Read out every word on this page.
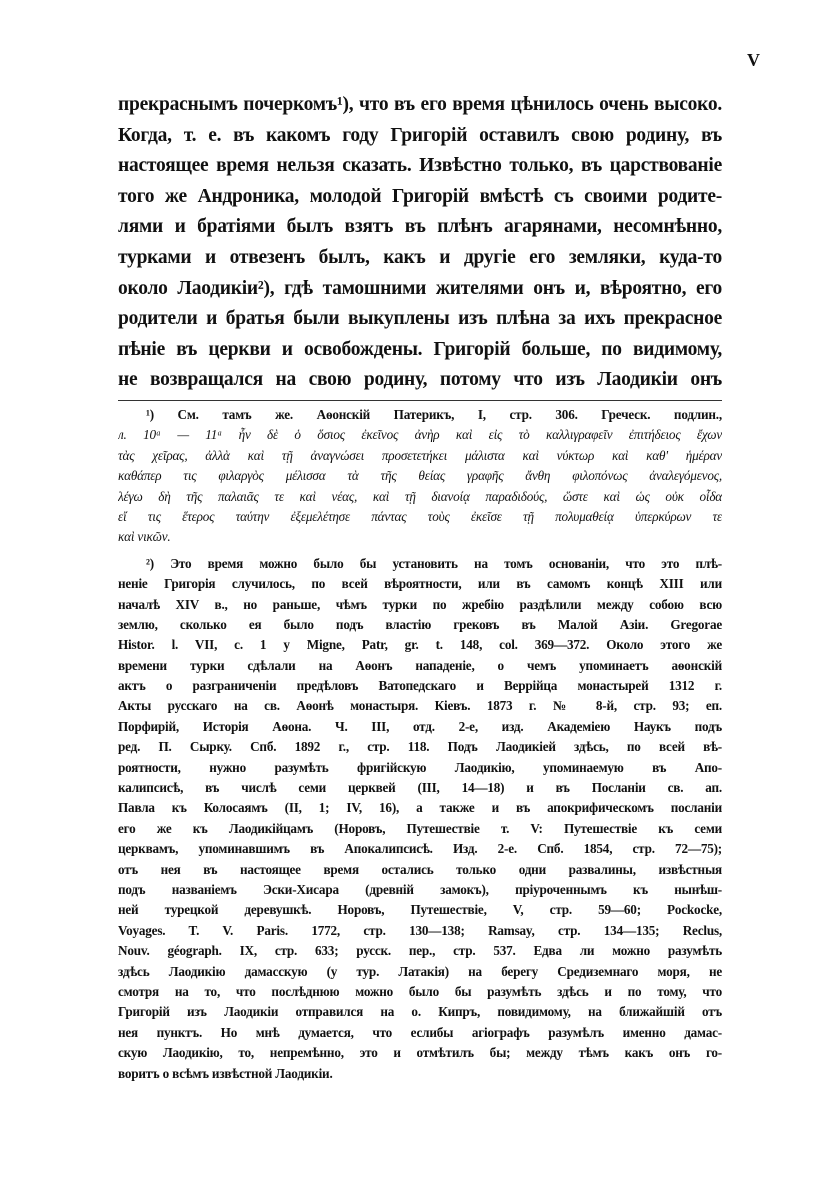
V
прекраснымъ почеркомъ¹), что въ его время цѣнилось очень высоко.
Когда, т. е. въ какомъ году Григорій оставилъ свою родину, въ
настоящее время нельзя сказать. Извѣстно только, въ царствованіе
того же Андроника, молодой Григорій вмѣстѣ съ своими родите-
лями и братіями былъ взятъ въ плѣнъ агарянами, несомнѣнно,
турками и отвезенъ былъ, какъ и другіе его земляки, куда-то
около Лаодикіи²), гдѣ тамошними жителями онъ и, вѣроятно, его
родители и братья были выкуплены изъ плѣна за ихъ прекрасное
пѣніе въ церкви и освобождены. Григорій больше, по видимому,
не возвращался на свою родину, потому что изъ Лаодикіи онъ
¹) См. тамъ же. Аѳонскій Патерикъ, I, стр. 306. Греческ. подлин.,
л. 10ᵃ — 11ᵃ ἦν δὲ ὁ ὅσιος ἐκεῖνος ἀνὴρ καὶ εἰς τὸ καλλιγραφεῖν ἐπιτήδειος ἔχων
τὰς χεῖρας, ἀλλὰ καὶ τῇ ἀναγνώσει προσετετήκει μάλιστα καὶ νύκτωρ καὶ καθ' ἡμέραν
καθάπερ τις φιλαργὸς μέλισσα τὰ τῆς θείας γραφῆς ἄνθη φιλοπόνως ἀναλεγόμενος,
λέγω δὴ τῆς παλαιᾶς τε καὶ νέας, καὶ τῇ διανοίᾳ παραδιδούς, ὥστε καὶ ὡς οὐκ οἶδα
εἴ τις ἕτερος ταύτην ἐξεμελέτησε πάντας τοὺς ἐκεῖσε τῇ πολυμαθείᾳ ὑπερκύρων τε
καὶ νικῶν.
²) Это время можно было бы установить на томъ основаніи, что это плѣ-
неніе Григорія случилось, по всей вѣроятности, или въ самомъ концѣ XIII или
началѣ XIV в., но раньше, чѣмъ турки по жребію раздѣлили между собою всю
землю, сколько ея было подъ властію грековъ въ Малой Азіи. Gregorae
Histor. l. VII, c. 1 y Migne, Patr, gr. t. 148, col. 369—372. Около этого же
времени турки сдѣлали на Аѳонъ нападеніе, о чемъ упоминаетъ аѳонскій
актъ о разграниченіи предѣловъ Ватопедскаго и Веррійца монастырей 1312 г.
Акты русскаго на св. Аѳонѣ монастыря. Кіевъ. 1873 г. № 8-й, стр. 93; еп.
Порфирій, Исторія Аѳона. Ч. III, отд. 2-е, изд. Академіею Наукъ подъ
ред. П. Сырку. Спб. 1892 г., стр. 118. Подъ Лаодикіей здѣсь, по всей вѣ-
роятности, нужно разумѣть фригійскую Лаодикію, упоминаемую въ Апо-
калипсисѣ, въ числѣ семи церквей (III, 14—18) и въ Посланіи св. ап.
Павла къ Колосаямъ (II, 1; IV, 16), а также и въ апокрифическомъ посланіи
его же къ Лаодикійцамъ (Норовъ, Путешествіе т. V: Путешествіе къ семи
церквамъ, упоминавшимъ въ Апокалипсисѣ. Изд. 2-е. Спб. 1854, стр. 72—75);
отъ нея въ настоящее время остались только одни развалины, извѣстныя
подъ названіемъ Эски-Хисара (древній замокъ), пріуроченнымъ къ нынѣш-
ней турецкой деревушкѣ. Норовъ, Путешествіе, V, стр. 59—60; Pockocke,
Voyages. T. V. Paris. 1772, стр. 130—138; Ramsay, стр. 134—135; Reclus,
Nouv. géograph. IX, стр. 633; русск. пер., стр. 537. Едва ли можно разумѣть
здѣсь Лаодикію дамасскую (у тур. Латакія) на берегу Средиземнаго моря, не
смотря на то, что послѣднюю можно было бы разумѣть здѣсь и по тому, что
Григорій изъ Лаодикіи отправился на о. Кипръ, повидимому, на ближайшій отъ
нея пунктъ. Но мнѣ думается, что еслибы агіографъ разумѣлъ именно дамас-
скую Лаодикію, то, непремѣнно, это и отмѣтилъ бы; между тѣмъ какъ онъ го-
воритъ о всѣмъ извѣстной Лаодикіи.
